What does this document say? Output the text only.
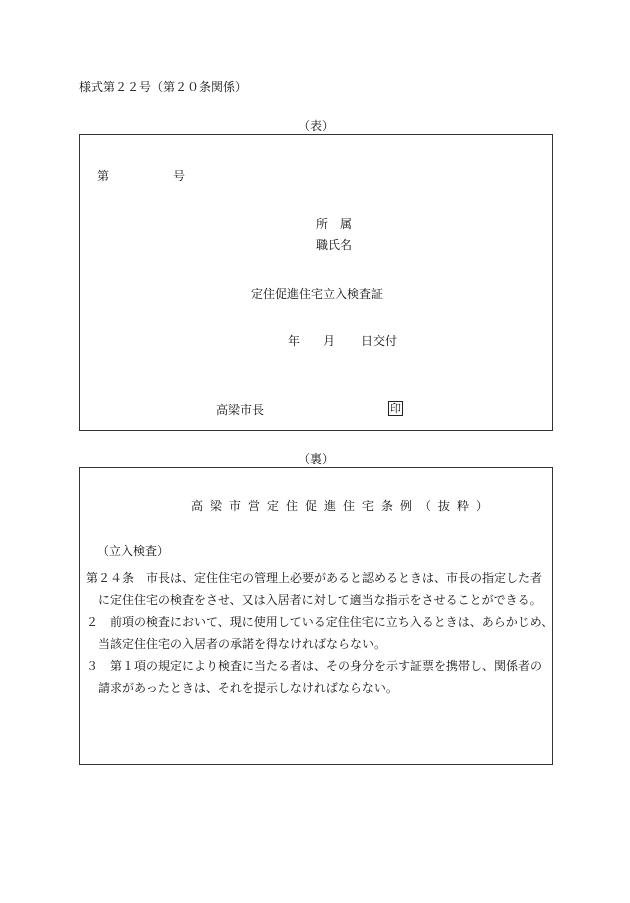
様式第２２号（第２０条関係）
（表）
第	号
所　属
職氏名
定住促進住宅立入検査証
年 月 日交付
高梁市長	印
（裏）
高梁市営定住促進住宅条例（抜粋）
（立入検査）
第２４条　市長は、定住住宅の管理上必要があると認めるときは、市長の指定した者
に定住住宅の検査をさせ、又は入居者に対して適当な指示をさせることができる。
２　前項の検査において、現に使用している定住住宅に立ち入るときは、あらかじめ、
当該定住住宅の入居者の承諾を得なければならない。
３　第１項の規定により検査に当たる者は、その身分を示す証票を携帯し、関係者の
請求があったときは、それを提示しなければならない。
